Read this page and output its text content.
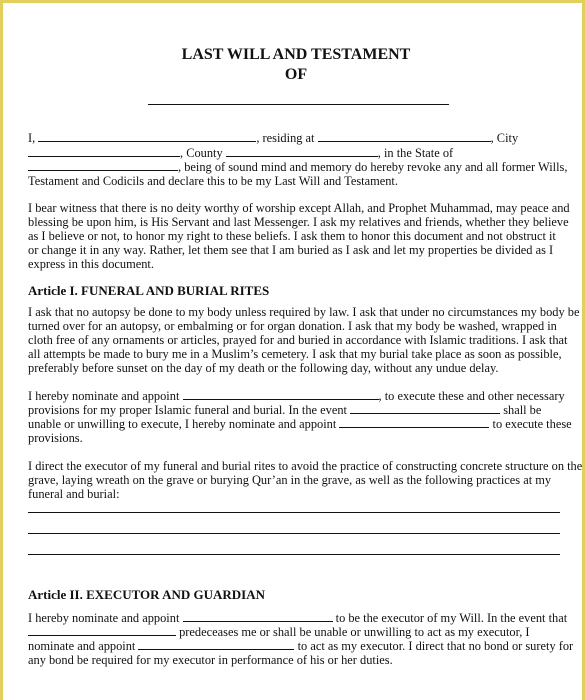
LAST WILL AND TESTAMENT
OF
I,	, residing at	, City
, County	, in the State of
, being of sound mind and memory do hereby revoke any and all former Wills,
Testament and Codicils and declare this to be my Last Will and Testament.
I bear witness that there is no deity worthy of worship except Allah, and Prophet Muhammad, may peace and
blessing be upon him, is His Servant and last Messenger. I ask my relatives and friends, whether they believe
as I believe or not, to honor my right to these beliefs. I ask them to honor this document and not obstruct it
or change it in any way. Rather, let them see that I am buried as I ask and let my properties be divided as I
express in this document.
Article I. FUNERAL AND BURIAL RITES
I ask that no autopsy be done to my body unless required by law. I ask that under no circumstances my body be
turned over for an autopsy, or embalming or for organ donation. I ask that my body be washed, wrapped in
cloth free of any ornaments or articles, prayed for and buried in accordance with Islamic traditions. I ask that
all attempts be made to bury me in a Muslim’s cemetery. I ask that my burial take place as soon as possible,
preferably before sunset on the day of my death or the following day, without any undue delay.
I hereby nominate and appoint	, to execute these and other necessary
provisions for my proper Islamic funeral and burial. In the event	shall be
unable or unwilling to execute, I hereby nominate and appoint	to execute these
provisions.
I direct the executor of my funeral and burial rites to avoid the practice of constructing concrete structure on the
grave, laying wreath on the grave or burying Qur’an in the grave, as well as the following practices at my
funeral and burial:
Article II. EXECUTOR AND GUARDIAN
I hereby nominate and appoint	to be the executor of my Will. In the event that
predeceases me or shall be unable or unwilling to act as my executor, I
nominate and appoint	to act as my executor. I direct that no bond or surety for
any bond be required for my executor in performance of his or her duties.
